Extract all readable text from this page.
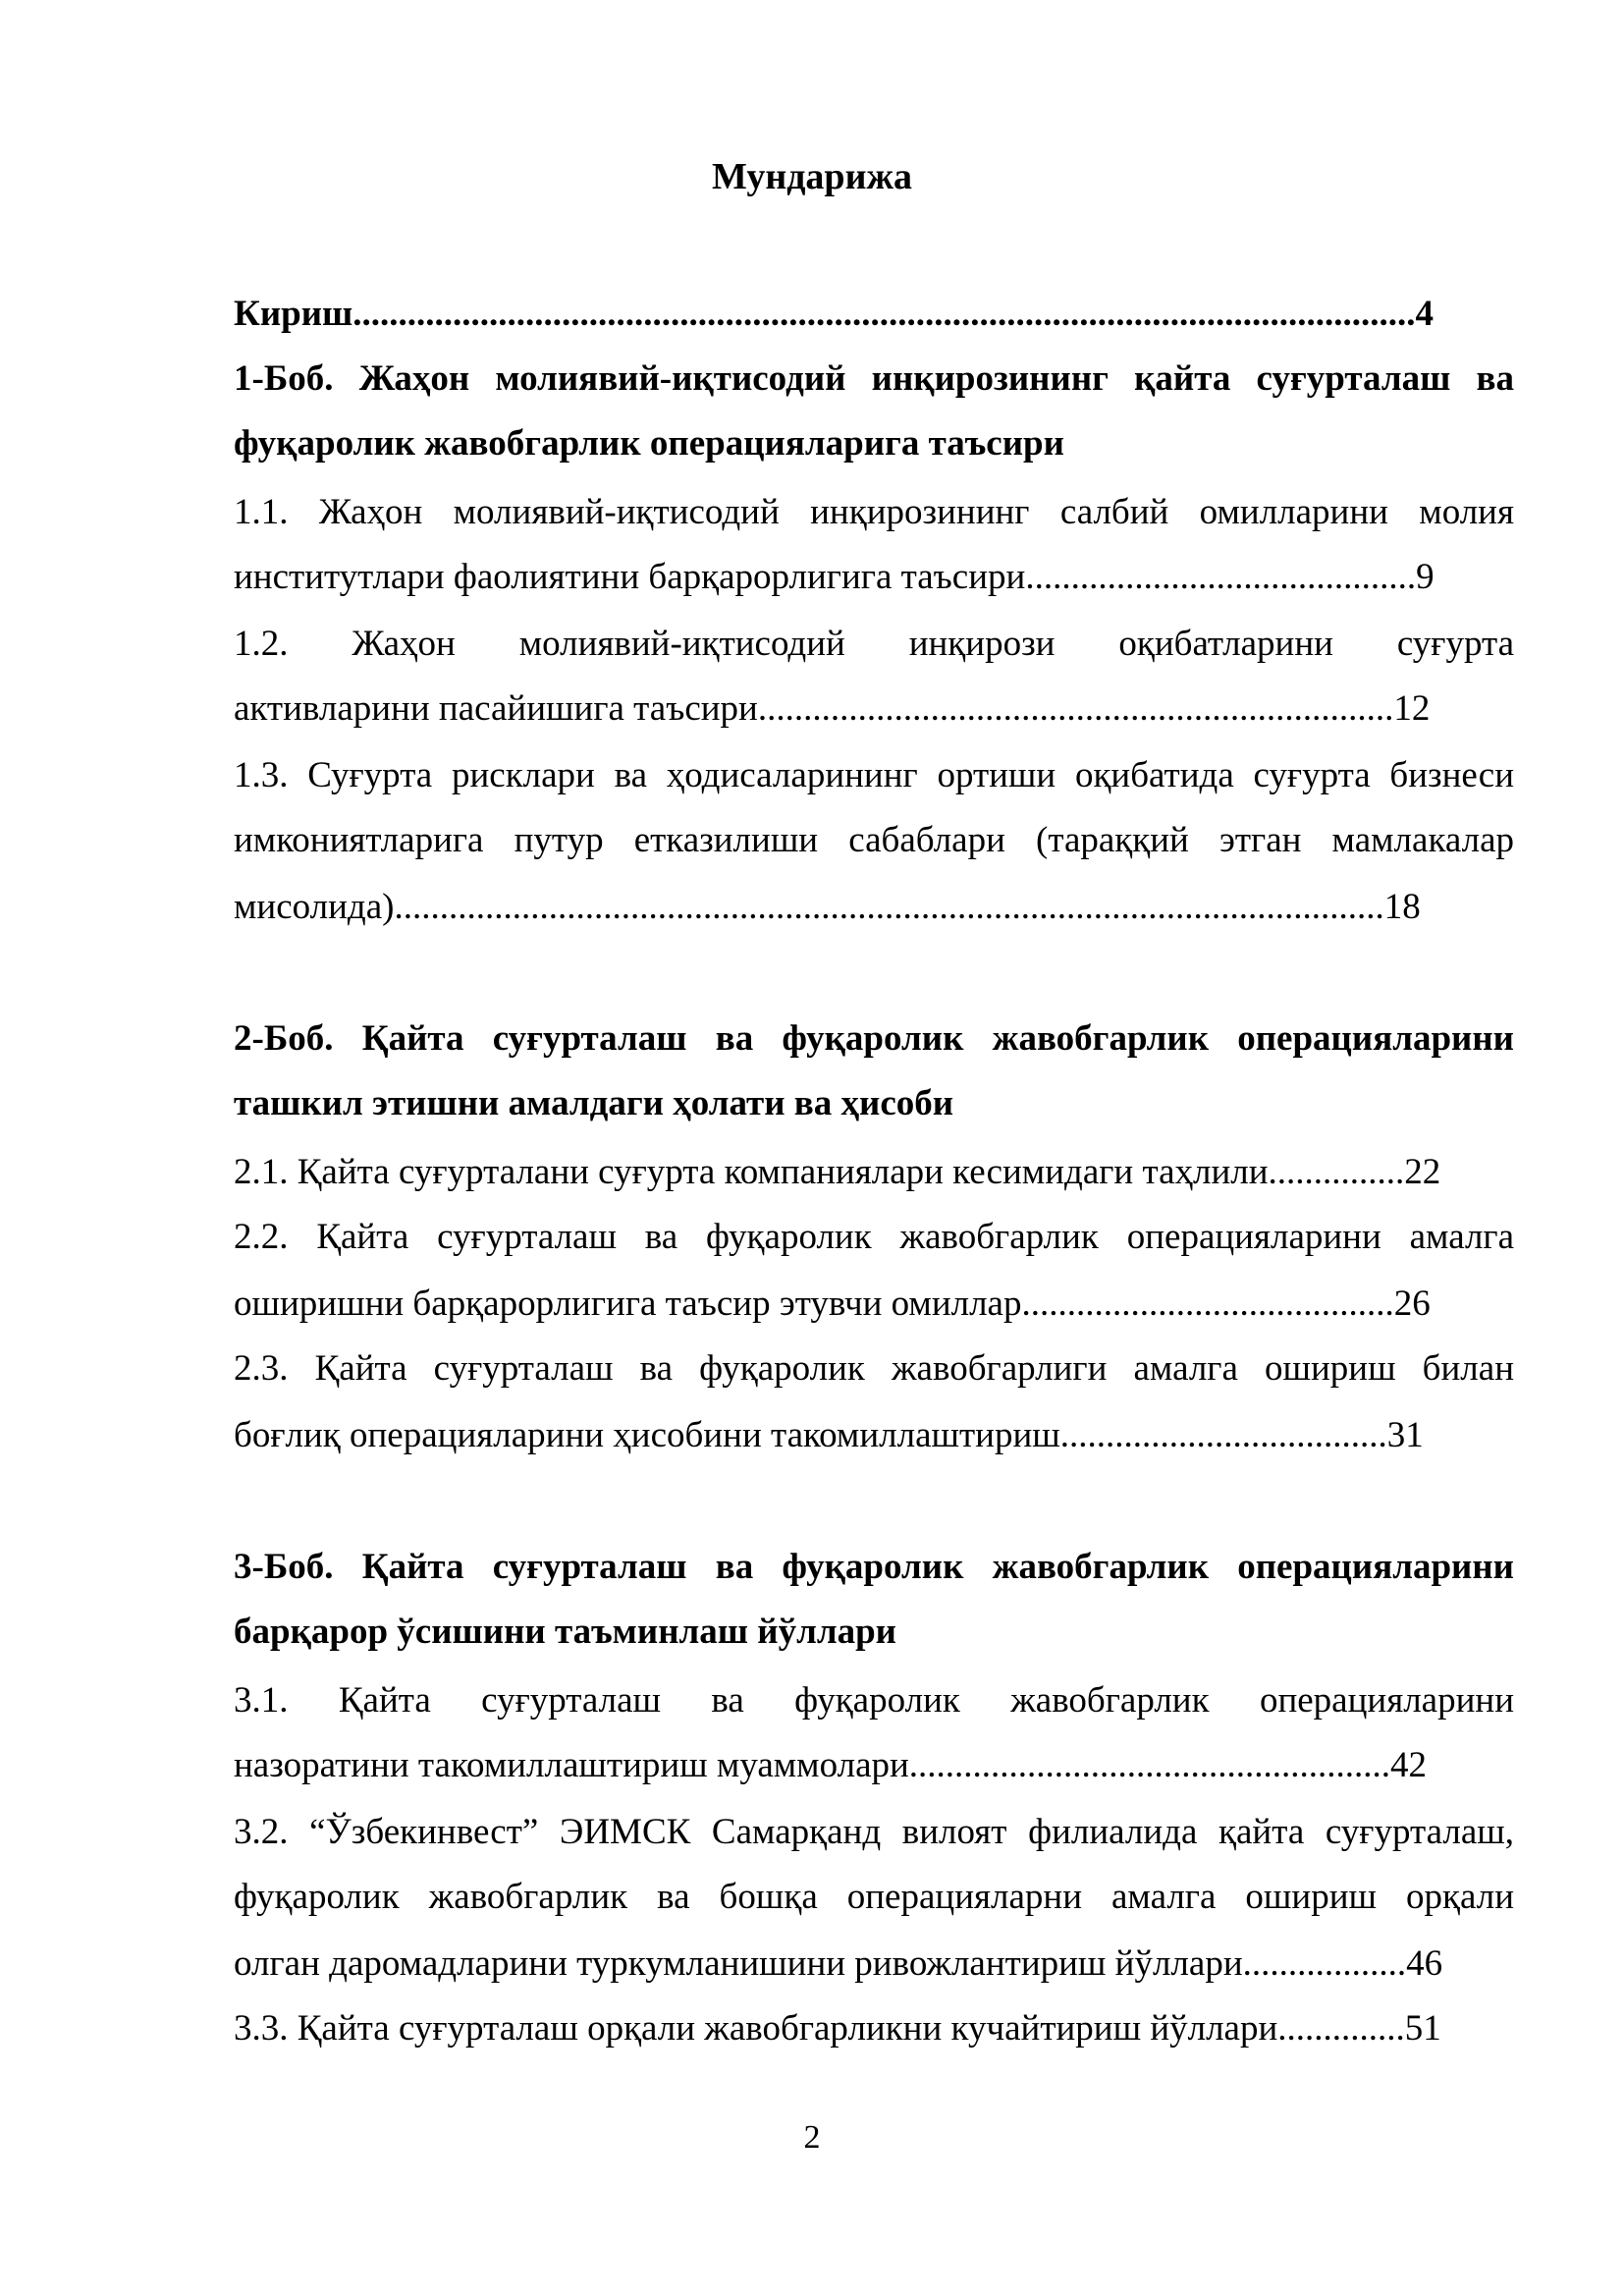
Мундарижа
Кириш.....................................................................................................................4
1-Боб. Жаҳон молиявий-иқтисодий инқирозининг қайта суғурталаш ва
фуқаролик жавобгарлик операцияларига таъсири
1.1. Жаҳон молиявий-иқтисодий инқирозининг салбий омилларини молия
институтлари фаолиятини барқарорлигига таъсири...........................................9
1.2. Жаҳон молиявий-иқтисодий инқирози оқибатларини суғурта
активларини пасайишига таъсири......................................................................12
1.3. Суғурта рисклари ва ҳодисаларининг ортиши оқибатида суғурта бизнеси
имкониятларига путур етказилиши сабаблари (тараққий этган мамлакалар
мисолида).............................................................................................................18
2-Боб. Қайта суғурталаш ва фуқаролик жавобгарлик операцияларини
ташкил этишни амалдаги ҳолати ва ҳисоби
2.1. Қайта суғурталани суғурта компаниялари кесимидаги таҳлили...............22
2.2. Қайта суғурталаш ва фуқаролик жавобгарлик операцияларини амалга
оширишни барқарорлигига таъсир этувчи омиллар.........................................26
2.3. Қайта суғурталаш ва фуқаролик жавобгарлиги амалга ошириш билан
боғлиқ операцияларини ҳисобини такомиллаштириш....................................31
3-Боб. Қайта суғурталаш ва фуқаролик жавобгарлик операцияларини
барқарор ўсишини таъминлаш йўллари
3.1. Қайта суғурталаш ва фуқаролик жавобгарлик операцияларини
назоратини такомиллаштириш муаммолари.....................................................42
3.2. “Ўзбекинвест” ЭИМСК Самарқанд вилоят филиалида қайта суғурталаш,
фуқаролик жавобгарлик ва бошқа операцияларни амалга ошириш орқали
олган даромадларини туркумланишини ривожлантириш йўллари..................46
3.3. Қайта суғурталаш орқали жавобгарликни кучайтириш йўллари..............51
2
